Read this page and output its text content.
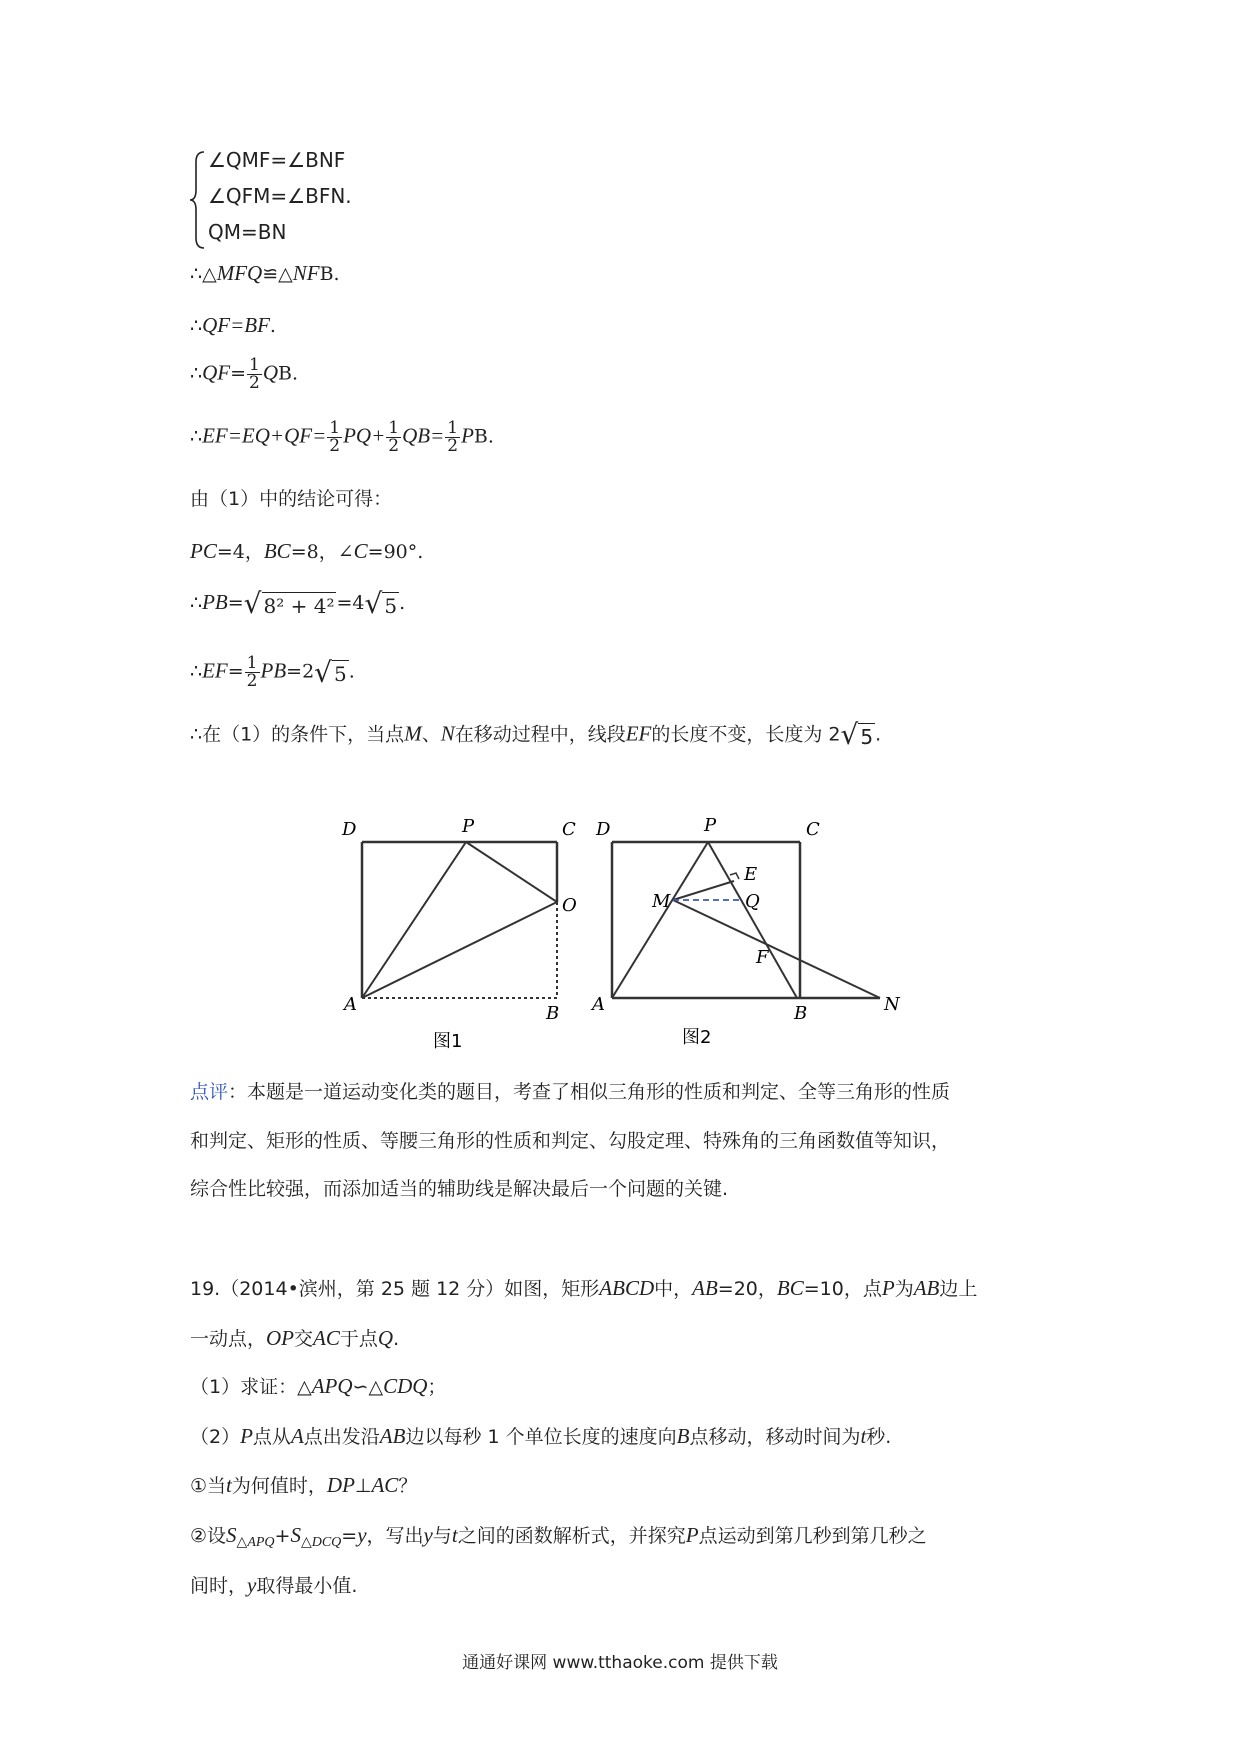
∠QMF=∠BNF
∠QFM=∠BFN.
QM=BN
∴△MFQ≌△NFB.
∴QF=BF.
∴QF= $\frac{1}{2}$ QB.
∴EF=EQ+QF= $\frac{1}{2} PQ+ \frac{1}{2} QB= \frac{1}{2}$ PB.
由（1）中的结论可得：
PC=4，BC=8，∠C=90°.
∴PB=√ 8² + 4² =4√ 5 .
∴EF= $\frac{1}{2} PB=2√$ 5 .
∴在（1）的条件下，当点M、N在移动过程中，线段EF的长度不变，长度为 2√ 5 .
D	P	C
O
A	B
图1
D	P	C
E
M	Q
F
A	B	N
图2
点评：本题是一道运动变化类的题目，考查了相似三角形的性质和判定、全等三角形的性质
和判定、矩形的性质、等腰三角形的性质和判定、勾股定理、特殊角的三角函数值等知识，
综合性比较强，而添加适当的辅助线是解决最后一个问题的关键.
19.（2014•滨州，第 25 题 12 分）如图，矩形ABCD中，AB=20，BC=10，点P为AB边上
一动点，OP交AC于点Q.
（1）求证：△APQ∽△CDQ；
（2）P点从A点出发沿AB边以每秒 1 个单位长度的速度向B点移动，移动时间为t秒.
①当t为何值时，DP⊥AC？
②设$S_{\triangle APQ}+S_{\triangle DCQ}=y$，写出y与t之间的函数解析式，并探究P点运动到第几秒到第几秒之
间时，y取得最小值.
通通好课网 www.tthaoke.com 提供下载
